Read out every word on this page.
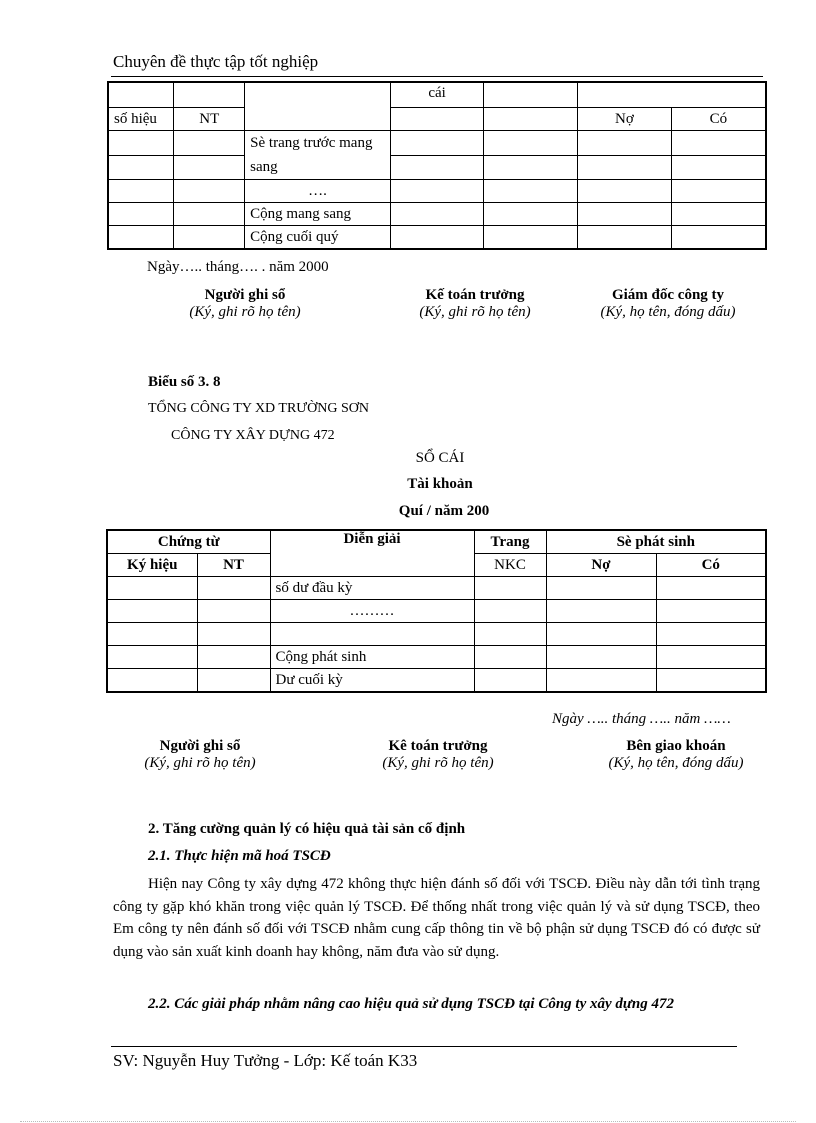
Chuyên đề thực tập tốt nghiệp
			cái			
số hiệu	NT				Nợ	Có
		Sè trang trước mang sang				

		….				
		Cộng mang sang				
		Cộng cuối quý				
Ngày….. tháng…. . năm 2000
Người ghi sổ
(Ký, ghi rõ họ tên)
Kế toán trưởng
(Ký, ghi rõ họ tên)
Giám đốc công ty
(Ký, họ tên, đóng dấu)
Biểu số 3. 8
TỔNG CÔNG TY XD TRƯỜNG SƠN
CÔNG TY XÂY DỰNG 472
SỔ CÁI
Tài khoản
Quí / năm 200
Chứng từ		Diễn giải	Trang	Sè phát sinh	
Ký hiệu	NT		NKC	Nợ	Có
		số dư đầu kỳ			
		………			

		Cộng phát sinh			
		Dư cuối kỳ			
Ngày ….. tháng ….. năm ……
Người ghi sổ
(Ký, ghi rõ họ tên)
Kê toán trưởng
(Ký, ghi rõ họ tên)
Bên giao khoán
(Ký, họ tên, đóng dấu)
2. Tăng cường quản lý có hiệu quả tài sản cố định
2.1. Thực hiện mã hoá TSCĐ
Hiện nay Công ty xây dựng 472 không thực hiện đánh số đối với TSCĐ. Điều này dẫn tới tình trạng công ty gặp khó khăn trong việc quản lý TSCĐ. Để thống nhất trong việc quản lý và sử dụng TSCĐ, theo Em công ty nên đánh số đối với TSCĐ nhằm cung cấp thông tin về bộ phận sử dụng TSCĐ đó có được sử dụng vào sản xuất kinh doanh hay không, năm đưa vào sử dụng.
2.2. Các giải pháp nhằm nâng cao hiệu quả sử dụng TSCĐ tại Công ty xây dựng 472
SV: Nguyễn Huy Tưởng - Lớp: Kế toán K33
